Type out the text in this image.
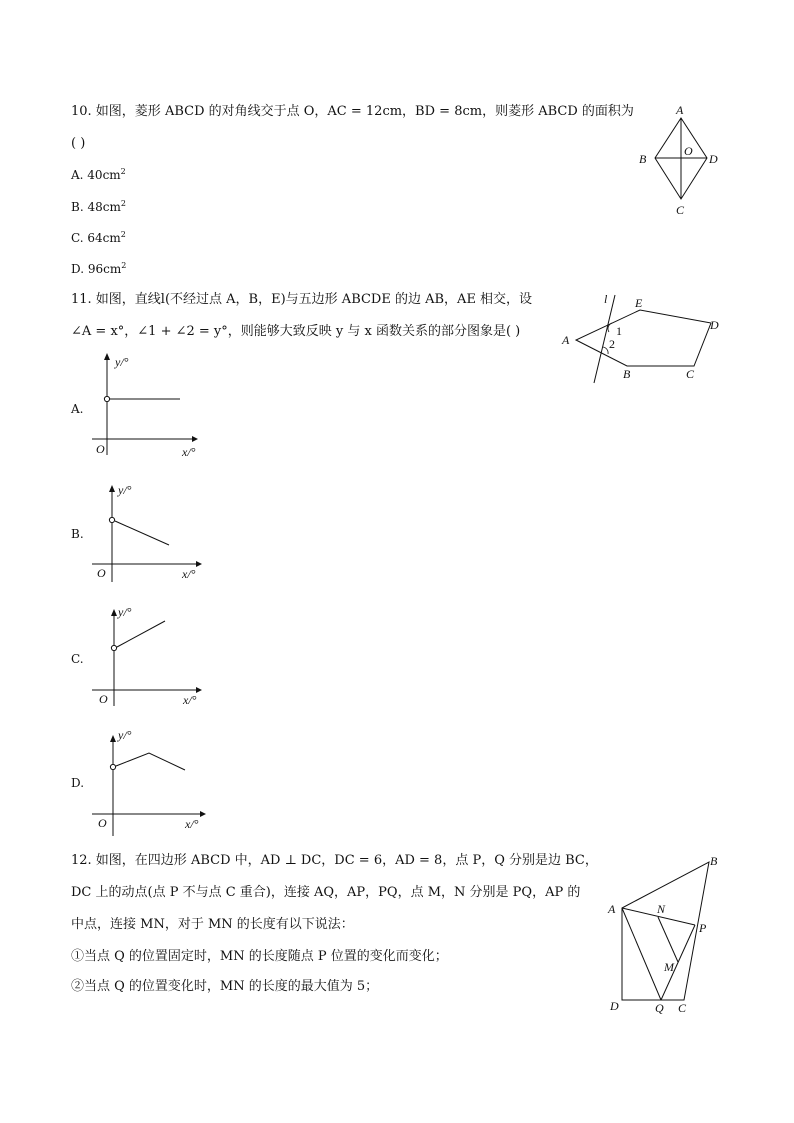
10. 如图，菱形 ABCD 的对角线交于点 O，AC = 12cm，BD = 8cm，则菱形 ABCD 的面积为
( )
A. $40cm^2$
B. $48cm^2$
C. $64cm^2$
D. $96cm^2$
A
B
O
D
C
11. 如图，直线l(不经过点 A，B，E)与五边形 ABCDE 的边 AB，AE 相交，设
∠A = x°，∠1 + ∠2 = y°，则能够大致反映 y 与 x 函数关系的部分图象是( )
l E
D
A
1
2
B	C
A.
y/°
O	x/°
B.
y/°
O	x/°
C.
y/°
O	x/°
D.
y/°
O	x/°
12. 如图，在四边形 ABCD 中，AD ⊥ DC，DC = 6，AD = 8，点 P，Q 分别是边 BC，
DC 上的动点(点 P 不与点 C 重合)，连接 AQ，AP，PQ，点 M，N 分别是 PQ，AP 的
中点，连接 MN，对于 MN 的长度有以下说法：
①当点 Q 的位置固定时，MN 的长度随点 P 位置的变化而变化；
②当点 Q 的位置变化时，MN 的长度的最大值为 5；
B
A	N
P
M
D	Q C
